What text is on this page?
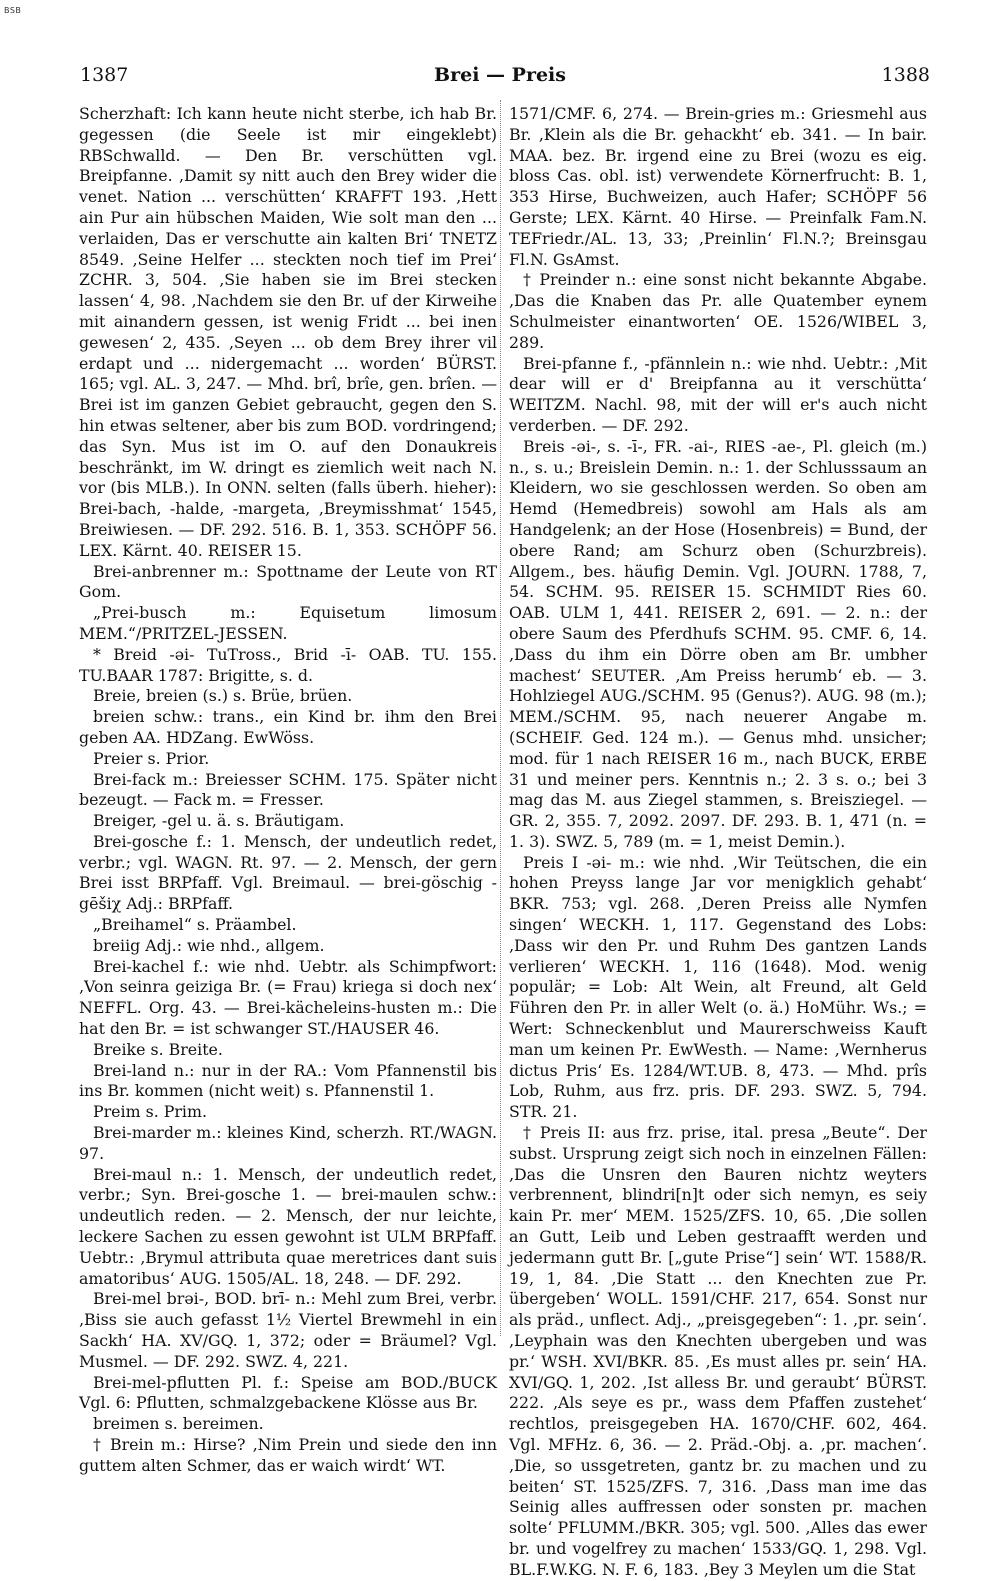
BSB
1387	Brei — Preis	1388

Scherzhaft: Ich kann heute nicht sterbe, ich hab Br. gegessen (die Seele ist mir eingeklebt) RBSchwalld. — Den Br. verschütten vgl. Breipfanne. ‚Damit sy nitt auch den Brey wider die venet. Nation ... verschütten‘ KRAFFT 193. ‚Hett ain Pur ain hübschen Maiden, Wie solt man den ... verlaiden, Das er verschutte ain kalten Bri‘ TNETZ 8549. ‚Seine Helfer ... steckten noch tief im Prei‘ ZCHR. 3, 504. ‚Sie haben sie im Brei stecken lassen‘ 4, 98. ‚Nachdem sie den Br. uf der Kirweihe mit ainandern gessen, ist wenig Fridt ... bei inen gewesen‘ 2, 435. ‚Seyen ... ob dem Brey ihrer vil erdapt und ... nidergemacht ... worden‘ BÜRST. 165; vgl. AL. 3, 247. — Mhd. brî, brîe, gen. brîen. — Brei ist im ganzen Gebiet gebraucht, gegen den S. hin etwas seltener, aber bis zum BOD. vordringend; das Syn. Mus ist im O. auf den Donaukreis beschränkt, im W. dringt es ziemlich weit nach N. vor (bis MLB.). In ONN. selten (falls überh. hieher): Brei-bach, -halde, -margeta, ‚Breymisshmat‘ 1545, Breiwiesen. — DF. 292. 516. B. 1, 353. SCHÖPF 56. LEX. Kärnt. 40. REISER 15.

Brei-anbrenner m.: Spottname der Leute von RT Gom.

„Prei-busch m.: Equisetum limosum MEM.“/PRITZEL-JESSEN.

* Breid -əi- TuTross., Brid -ī- OAB. TU. 155. TU.BAAR 1787: Brigitte, s. d.

Breie, breien (s.) s. Brüe, brüen.

breien schw.: trans., ein Kind br. ihm den Brei geben AA. HDZang. EwWöss.

Preier s. Prior.

Brei-fack m.: Breiesser SCHM. 175. Später nicht bezeugt. — Fack m. = Fresser.

Breiger, -gel u. ä. s. Bräutigam.

Brei-gosche f.: 1. Mensch, der undeutlich redet, verbr.; vgl. WAGN. Rt. 97. — 2. Mensch, der gern Brei isst BRPfaff. Vgl. Breimaul. — brei-göschig -gēšiχ Adj.: BRPfaff.

„Breihamel“ s. Präambel.

breiig Adj.: wie nhd., allgem.

Brei-kachel f.: wie nhd. Uebtr. als Schimpfwort: ‚Von seinra geiziga Br. (= Frau) kriega si doch nex‘ NEFFL. Org. 43. — Brei-kächeleins-husten m.: Die hat den Br. = ist schwanger ST./HAUSER 46.

Breike s. Breite.

Brei-land n.: nur in der RA.: Vom Pfannenstil bis ins Br. kommen (nicht weit) s. Pfannenstil 1.

Preim s. Prim.

Brei-marder m.: kleines Kind, scherzh. RT./WAGN. 97.

Brei-maul n.: 1. Mensch, der undeutlich redet, verbr.; Syn. Brei-gosche 1. — brei-maulen schw.: undeutlich reden. — 2. Mensch, der nur leichte, leckere Sachen zu essen gewohnt ist ULM BRPfaff. Uebtr.: ‚Brymul attributa quae meretrices dant suis amatoribus‘ AUG. 1505/AL. 18, 248. — DF. 292.

Brei-mel brəi-, BOD. brī- n.: Mehl zum Brei, verbr. ‚Biss sie auch gefasst 1½ Viertel Brewmehl in ein Sackh‘ HA. XV/GQ. 1, 372; oder = Bräumel? Vgl. Musmel. — DF. 292. SWZ. 4, 221.

Brei-mel-pflutten Pl. f.: Speise am BOD./BUCK Vgl. 6: Pflutten, schmalzgebackene Klösse aus Br.

breimen s. bereimen.

† Brein m.: Hirse? ‚Nim Prein und siede den inn guttem alten Schmer, das er waich wirdt‘ WT.

1571/CMF. 6, 274. — Brein-gries m.: Griesmehl aus Br. ‚Klein als die Br. gehackht‘ eb. 341. — In bair. MAA. bez. Br. irgend eine zu Brei (wozu es eig. bloss Cas. obl. ist) verwendete Körnerfrucht: B. 1, 353 Hirse, Buchweizen, auch Hafer; SCHÖPF 56 Gerste; LEX. Kärnt. 40 Hirse. — Preinfalk Fam.N. TEFriedr./AL. 13, 33; ‚Preinlin‘ Fl.N.?; Breinsgau Fl.N. GsAmst.

† Preinder n.: eine sonst nicht bekannte Abgabe. ‚Das die Knaben das Pr. alle Quatember eynem Schulmeister einantworten‘ OE. 1526/WIBEL 3, 289.

Brei-pfanne f., -pfännlein n.: wie nhd. Uebtr.: ‚Mit dear will er d' Breipfanna au it verschütta‘ WEITZM. Nachl. 98, mit der will er's auch nicht verderben. — DF. 292.

Breis -əi-, s. -ī-, FR. -ai-, RIES -ae-, Pl. gleich (m.) n., s. u.; Breislein Demin. n.: 1. der Schlusssaum an Kleidern, wo sie geschlossen werden. So oben am Hemd (Hemedbreis) sowohl am Hals als am Handgelenk; an der Hose (Hosenbreis) = Bund, der obere Rand; am Schurz oben (Schurzbreis). Allgem., bes. häufig Demin. Vgl. JOURN. 1788, 7, 54. SCHM. 95. REISER 15. SCHMIDT Ries 60. OAB. ULM 1, 441. REISER 2, 691. — 2. n.: der obere Saum des Pferdhufs SCHM. 95. CMF. 6, 14. ‚Dass du ihm ein Dörre oben am Br. umbher machest‘ SEUTER. ‚Am Preiss herumb‘ eb. — 3. Hohlziegel AUG./SCHM. 95 (Genus?). AUG. 98 (m.); MEM./SCHM. 95, nach neuerer Angabe m. (SCHEIF. Ged. 124 m.). — Genus mhd. unsicher; mod. für 1 nach REISER 16 m., nach BUCK, ERBE 31 und meiner pers. Kenntnis n.; 2. 3 s. o.; bei 3 mag das M. aus Ziegel stammen, s. Breisziegel. — GR. 2, 355. 7, 2092. 2097. DF. 293. B. 1, 471 (n. = 1. 3). SWZ. 5, 789 (m. = 1, meist Demin.).

Preis I -əi- m.: wie nhd. ‚Wir Teütschen, die ein hohen Preyss lange Jar vor menigklich gehabt‘ BKR. 753; vgl. 268. ‚Deren Preiss alle Nymfen singen‘ WECKH. 1, 117. Gegenstand des Lobs: ‚Dass wir den Pr. und Ruhm Des gantzen Lands verlieren‘ WECKH. 1, 116 (1648). Mod. wenig populär; = Lob: Alt Wein, alt Freund, alt Geld Führen den Pr. in aller Welt (o. ä.) HoMühr. Ws.; = Wert: Schneckenblut und Maurerschweiss Kauft man um keinen Pr. EwWesth. — Name: ‚Wernherus dictus Pris‘ Es. 1284/WT.UB. 8, 473. — Mhd. prîs Lob, Ruhm, aus frz. pris. DF. 293. SWZ. 5, 794. STR. 21.

† Preis II: aus frz. prise, ital. presa „Beute“. Der subst. Ursprung zeigt sich noch in einzelnen Fällen: ‚Das die Unsren den Bauren nichtz weyters verbrennent, blindri[n]t oder sich nemyn, es seiy kain Pr. mer‘ MEM. 1525/ZFS. 10, 65. ‚Die sollen an Gutt, Leib und Leben gestraafft werden und jedermann gutt Br. [„gute Prise“] sein‘ WT. 1588/R. 19, 1, 84. ‚Die Statt ... den Knechten zue Pr. übergeben‘ WOLL. 1591/CHF. 217, 654. Sonst nur als präd., unflect. Adj., „preisgegeben“: 1. ‚pr. sein‘. ‚Leyphain was den Knechten ubergeben und was pr.‘ WSH. XVI/BKR. 85. ‚Es must alles pr. sein‘ HA. XVI/GQ. 1, 202. ‚Ist alless Br. und geraubt‘ BÜRST. 222. ‚Als seye es pr., wass dem Pfaffen zustehet‘ rechtlos, preisgegeben HA. 1670/CHF. 602, 464. Vgl. MFHz. 6, 36. — 2. Präd.-Obj. a. ‚pr. machen‘. ‚Die, so ussgetreten, gantz br. zu machen und zu beiten‘ ST. 1525/ZFS. 7, 316. ‚Dass man ime das Seinig alles auffressen oder sonsten pr. machen solte‘ PFLUMM./BKR. 305; vgl. 500. ‚Alles das ewer br. und vogelfrey zu machen‘ 1533/GQ. 1, 298. Vgl. BL.F.W.KG. N. F. 6, 183. ‚Bey 3 Meylen um die Stat
